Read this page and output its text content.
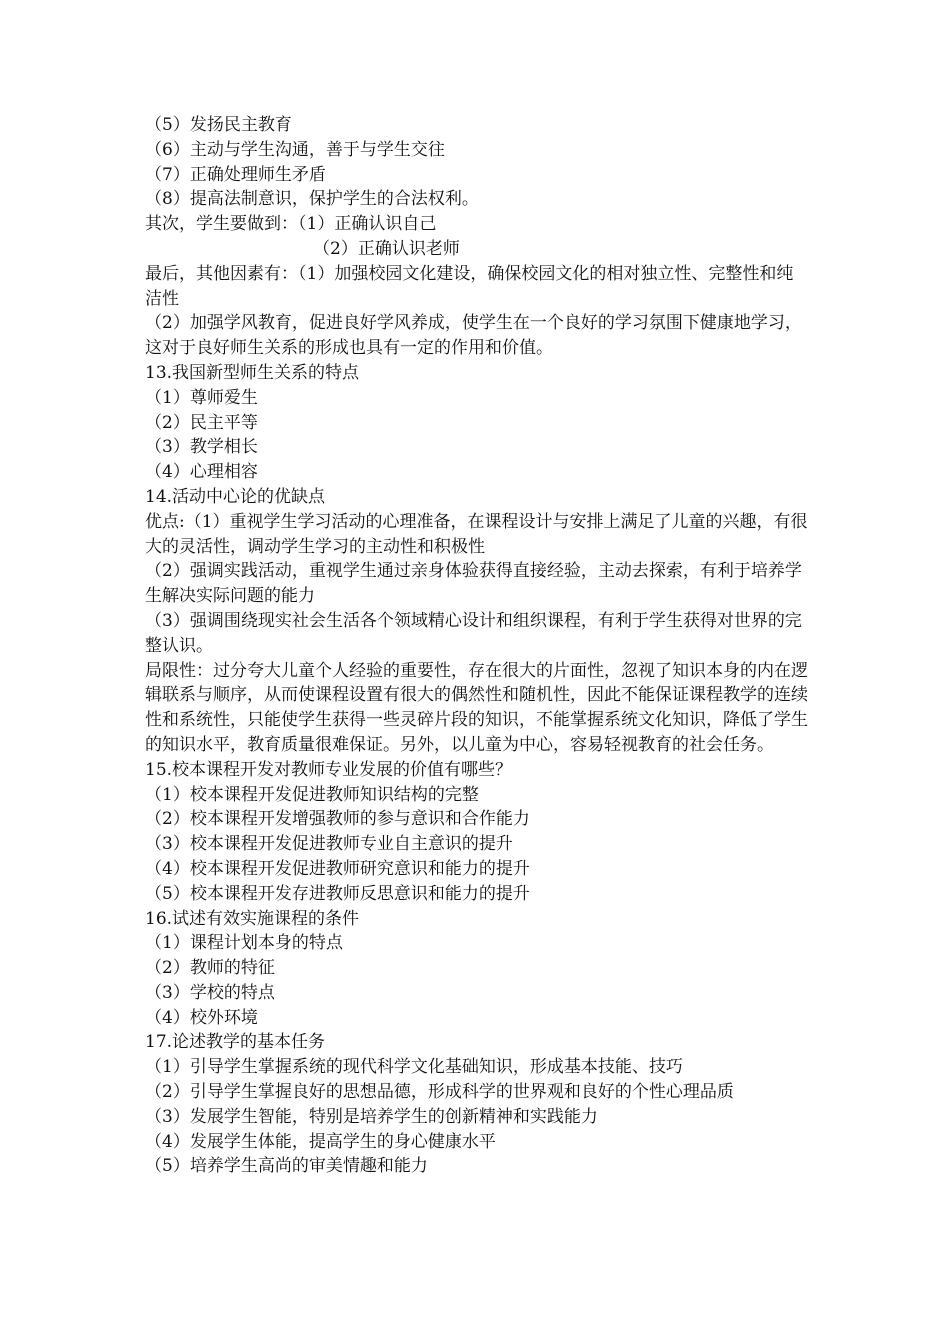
（5）发扬民主教育
（6）主动与学生沟通，善于与学生交往
（7）正确处理师生矛盾
（8）提高法制意识，保护学生的合法权利。
其次，学生要做到：（1）正确认识自己
（2）正确认识老师
最后，其他因素有：（1）加强校园文化建设，确保校园文化的相对独立性、完整性和纯洁性
（2）加强学风教育，促进良好学风养成，使学生在一个良好的学习氛围下健康地学习，这对于良好师生关系的形成也具有一定的作用和价值。
13.我国新型师生关系的特点
（1）尊师爱生
（2）民主平等
（3）教学相长
（4）心理相容
14.活动中心论的优缺点
优点:（1）重视学生学习活动的心理准备，在课程设计与安排上满足了儿童的兴趣，有很大的灵活性，调动学生学习的主动性和积极性
（2）强调实践活动，重视学生通过亲身体验获得直接经验，主动去探索，有利于培养学生解决实际问题的能力
（3）强调围绕现实社会生活各个领域精心设计和组织课程，有利于学生获得对世界的完整认识。
局限性：过分夸大儿童个人经验的重要性，存在很大的片面性，忽视了知识本身的内在逻辑联系与顺序，从而使课程设置有很大的偶然性和随机性，因此不能保证课程教学的连续性和系统性，只能使学生获得一些灵碎片段的知识，不能掌握系统文化知识，降低了学生的知识水平，教育质量很难保证。另外，以儿童为中心，容易轻视教育的社会任务。
15.校本课程开发对教师专业发展的价值有哪些？
（1）校本课程开发促进教师知识结构的完整
（2）校本课程开发增强教师的参与意识和合作能力
（3）校本课程开发促进教师专业自主意识的提升
（4）校本课程开发促进教师研究意识和能力的提升
（5）校本课程开发存进教师反思意识和能力的提升
16.试述有效实施课程的条件
（1）课程计划本身的特点
（2）教师的特征
（3）学校的特点
（4）校外环境
17.论述教学的基本任务
（1）引导学生掌握系统的现代科学文化基础知识，形成基本技能、技巧
（2）引导学生掌握良好的思想品德，形成科学的世界观和良好的个性心理品质
（3）发展学生智能，特别是培养学生的创新精神和实践能力
（4）发展学生体能，提高学生的身心健康水平
（5）培养学生高尚的审美情趣和能力
